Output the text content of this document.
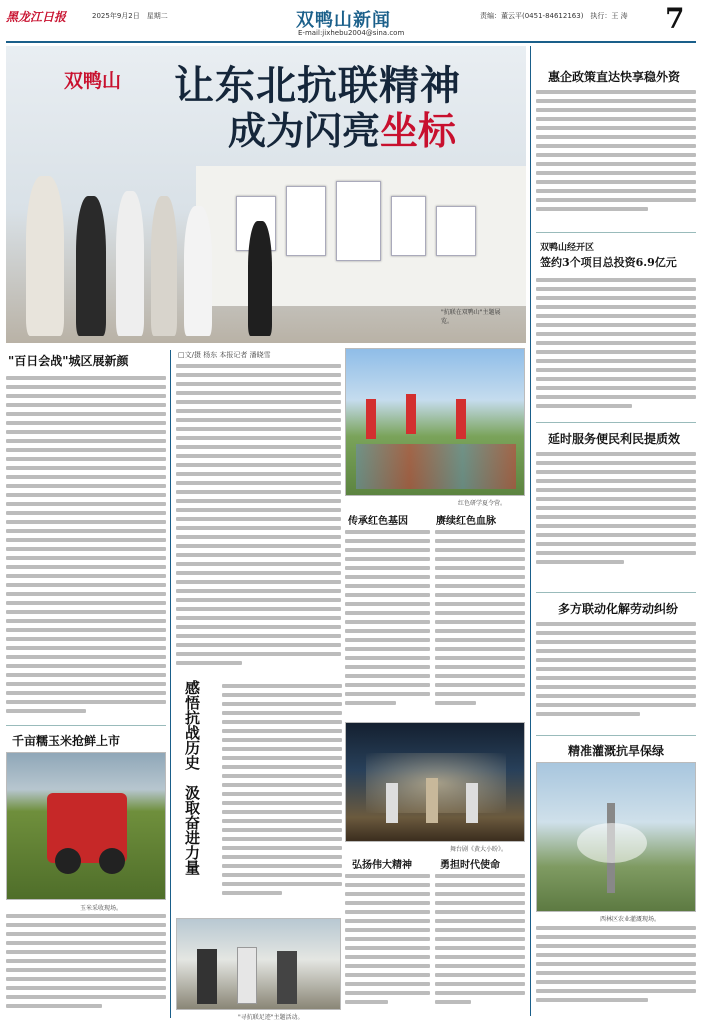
黑龙江日报	2025年9月2日　星期二	双鸭山新闻
E-mail:jixhebu2004@sina.com
责编：董云平(0451-84612163)　执行：王 涛 7
双鸭山 让东北抗联精神
成为闪亮坐标
"抗联在双鸭山"主题展览。
惠企政策直达快享稳外资
双鸭山经开区
签约3个项目总投资6.9亿元
延时服务便民利民提质效
多方联动化解劳动纠纷
精准灌溉抗旱保绿
西林区农业灌溉现场。
"百日会战"城区展新颜
千亩糯玉米抢鲜上市
玉米采收现场。
□文/摄 杨东 本报记者 潘晓雪
红色研学夏令营。
感悟抗战历史　汲取奋进力量
传承红色基因	赓续红色血脉
舞台剧《黄大小盼》。
弘扬伟大精神	勇担时代使命
"寻抗联足迹"主题活动。
